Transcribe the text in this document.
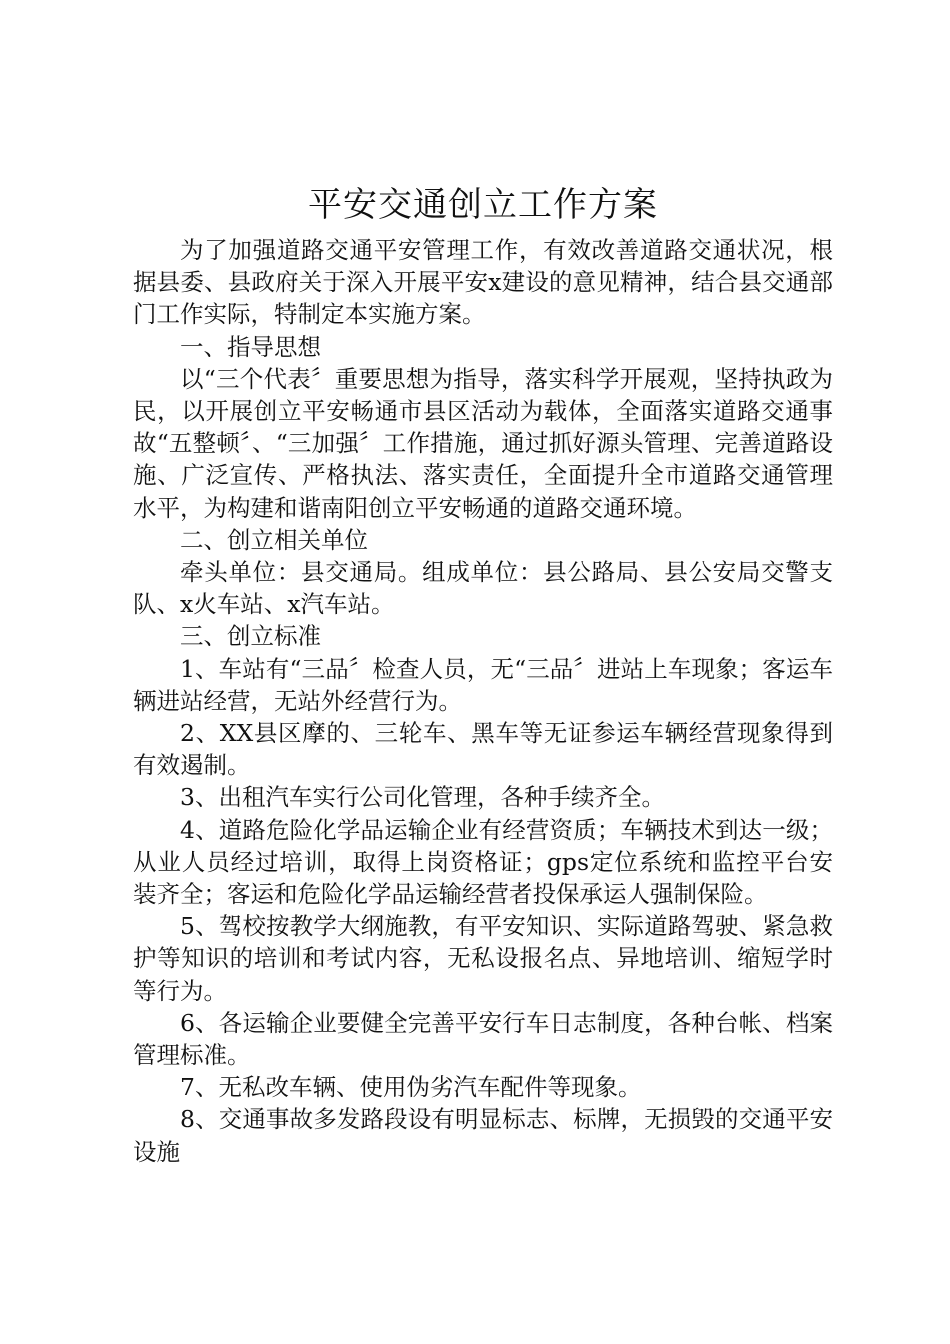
平安交通创立工作方案

为了加强道路交通平安管理工作，有效改善道路交通状况，根据县委、县政府关于深入开展平安x建设的意见精神，结合县交通部门工作实际，特制定本实施方案。

一、指导思想

以“三个代表〞重要思想为指导，落实科学开展观，坚持执政为民，以开展创立平安畅通市县区活动为载体，全面落实道路交通事故“五整顿〞、“三加强〞工作措施，通过抓好源头管理、完善道路设施、广泛宣传、严格执法、落实责任，全面提升全市道路交通管理水平，为构建和谐南阳创立平安畅通的道路交通环境。

二、创立相关单位

牵头单位：县交通局。组成单位：县公路局、县公安局交警支队、x火车站、x汽车站。

三、创立标准

1、车站有“三品〞检查人员，无“三品〞进站上车现象；客运车辆进站经营，无站外经营行为。

2、XX县区摩的、三轮车、黑车等无证参运车辆经营现象得到有效遏制。

3、出租汽车实行公司化管理，各种手续齐全。

4、道路危险化学品运输企业有经营资质；车辆技术到达一级；从业人员经过培训，取得上岗资格证；gps定位系统和监控平台安装齐全；客运和危险化学品运输经营者投保承运人强制保险。

5、驾校按教学大纲施教，有平安知识、实际道路驾驶、紧急救护等知识的培训和考试内容，无私设报名点、异地培训、缩短学时等行为。

6、各运输企业要健全完善平安行车日志制度，各种台帐、档案管理标准。

7、无私改车辆、使用伪劣汽车配件等现象。

8、交通事故多发路段设有明显标志、标牌，无损毁的交通平安设施
